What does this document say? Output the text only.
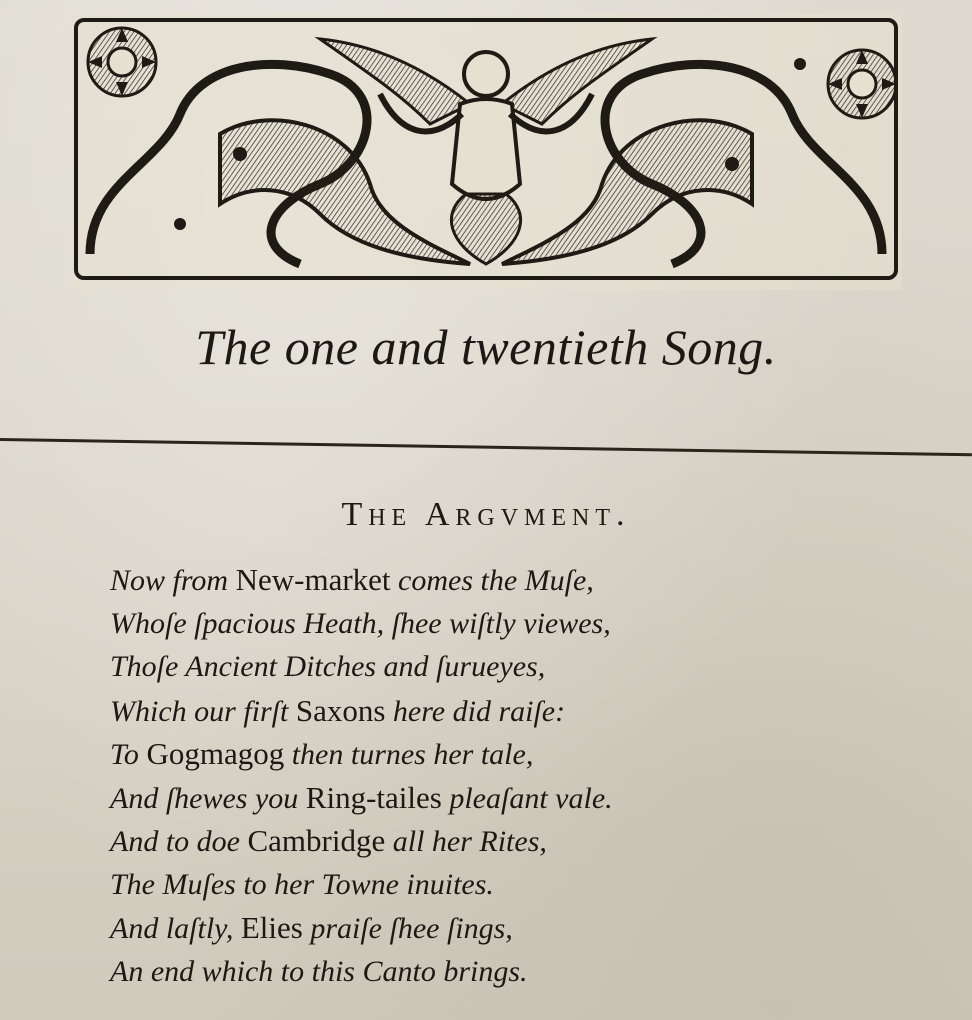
The one and twentieth Song.
The Argvment.
Now from New-market comes the Muſe,
Whoſe ſpacious Heath, ſhee wiſtly viewes,
Thoſe Ancient Ditches and ſurueyes,
Which our firſt Saxons here did raiſe:
To Gogmagog then turnes her tale,
And ſhewes you Ring-tailes pleaſant vale.
And to doe Cambridge all her Rites,
The Muſes to her Towne inuites.
And laſtly, Elies praiſe ſhee ſings,
An end which to this Canto brings.
